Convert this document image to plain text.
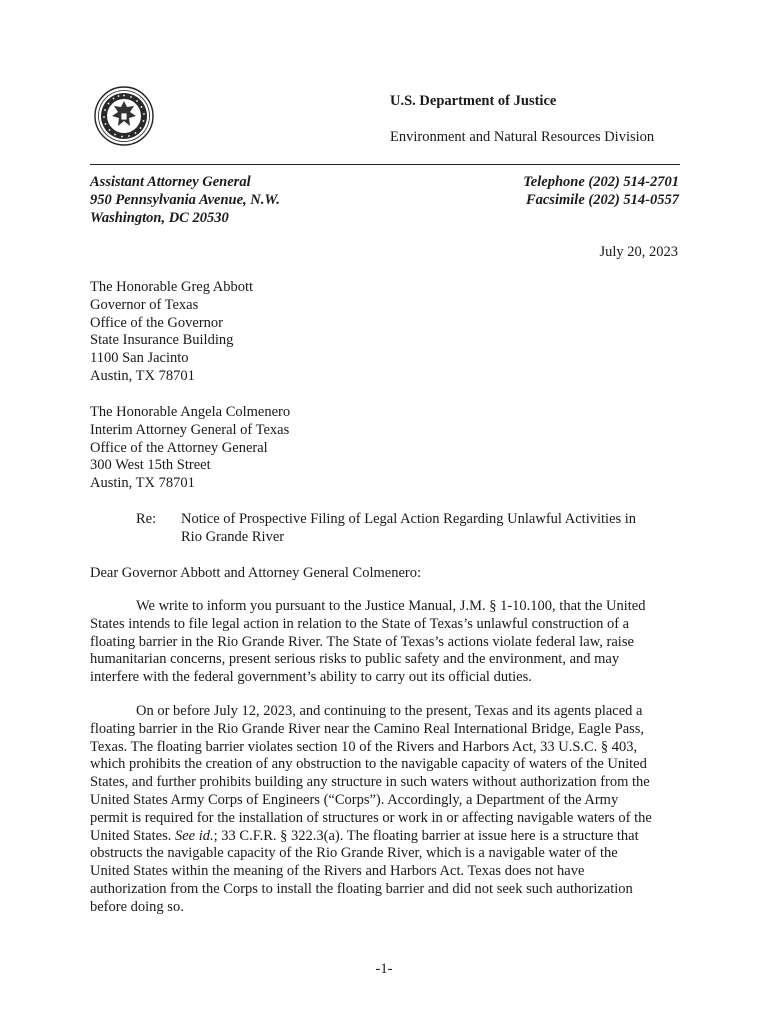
U.S. Department of Justice
Environment and Natural Resources Division
Assistant Attorney General
950 Pennsylvania Avenue, N.W.
Washington, DC 20530
Telephone (202) 514-2701
Facsimile (202) 514-0557
July 20, 2023
The Honorable Greg Abbott
Governor of Texas
Office of the Governor
State Insurance Building
1100 San Jacinto
Austin, TX 78701
The Honorable Angela Colmenero
Interim Attorney General of Texas
Office of the Attorney General
300 West 15th Street
Austin, TX 78701
Re: Notice of Prospective Filing of Legal Action Regarding Unlawful Activities in
Rio Grande River
Dear Governor Abbott and Attorney General Colmenero:
We write to inform you pursuant to the Justice Manual, J.M. § 1-10.100, that the United
States intends to file legal action in relation to the State of Texas’s unlawful construction of a
floating barrier in the Rio Grande River. The State of Texas’s actions violate federal law, raise
humanitarian concerns, present serious risks to public safety and the environment, and may
interfere with the federal government’s ability to carry out its official duties.
On or before July 12, 2023, and continuing to the present, Texas and its agents placed a
floating barrier in the Rio Grande River near the Camino Real International Bridge, Eagle Pass,
Texas. The floating barrier violates section 10 of the Rivers and Harbors Act, 33 U.S.C. § 403,
which prohibits the creation of any obstruction to the navigable capacity of waters of the United
States, and further prohibits building any structure in such waters without authorization from the
United States Army Corps of Engineers (“Corps”). Accordingly, a Department of the Army
permit is required for the installation of structures or work in or affecting navigable waters of the
United States. See id.; 33 C.F.R. § 322.3(a). The floating barrier at issue here is a structure that
obstructs the navigable capacity of the Rio Grande River, which is a navigable water of the
United States within the meaning of the Rivers and Harbors Act. Texas does not have
authorization from the Corps to install the floating barrier and did not seek such authorization
before doing so.
-1-
